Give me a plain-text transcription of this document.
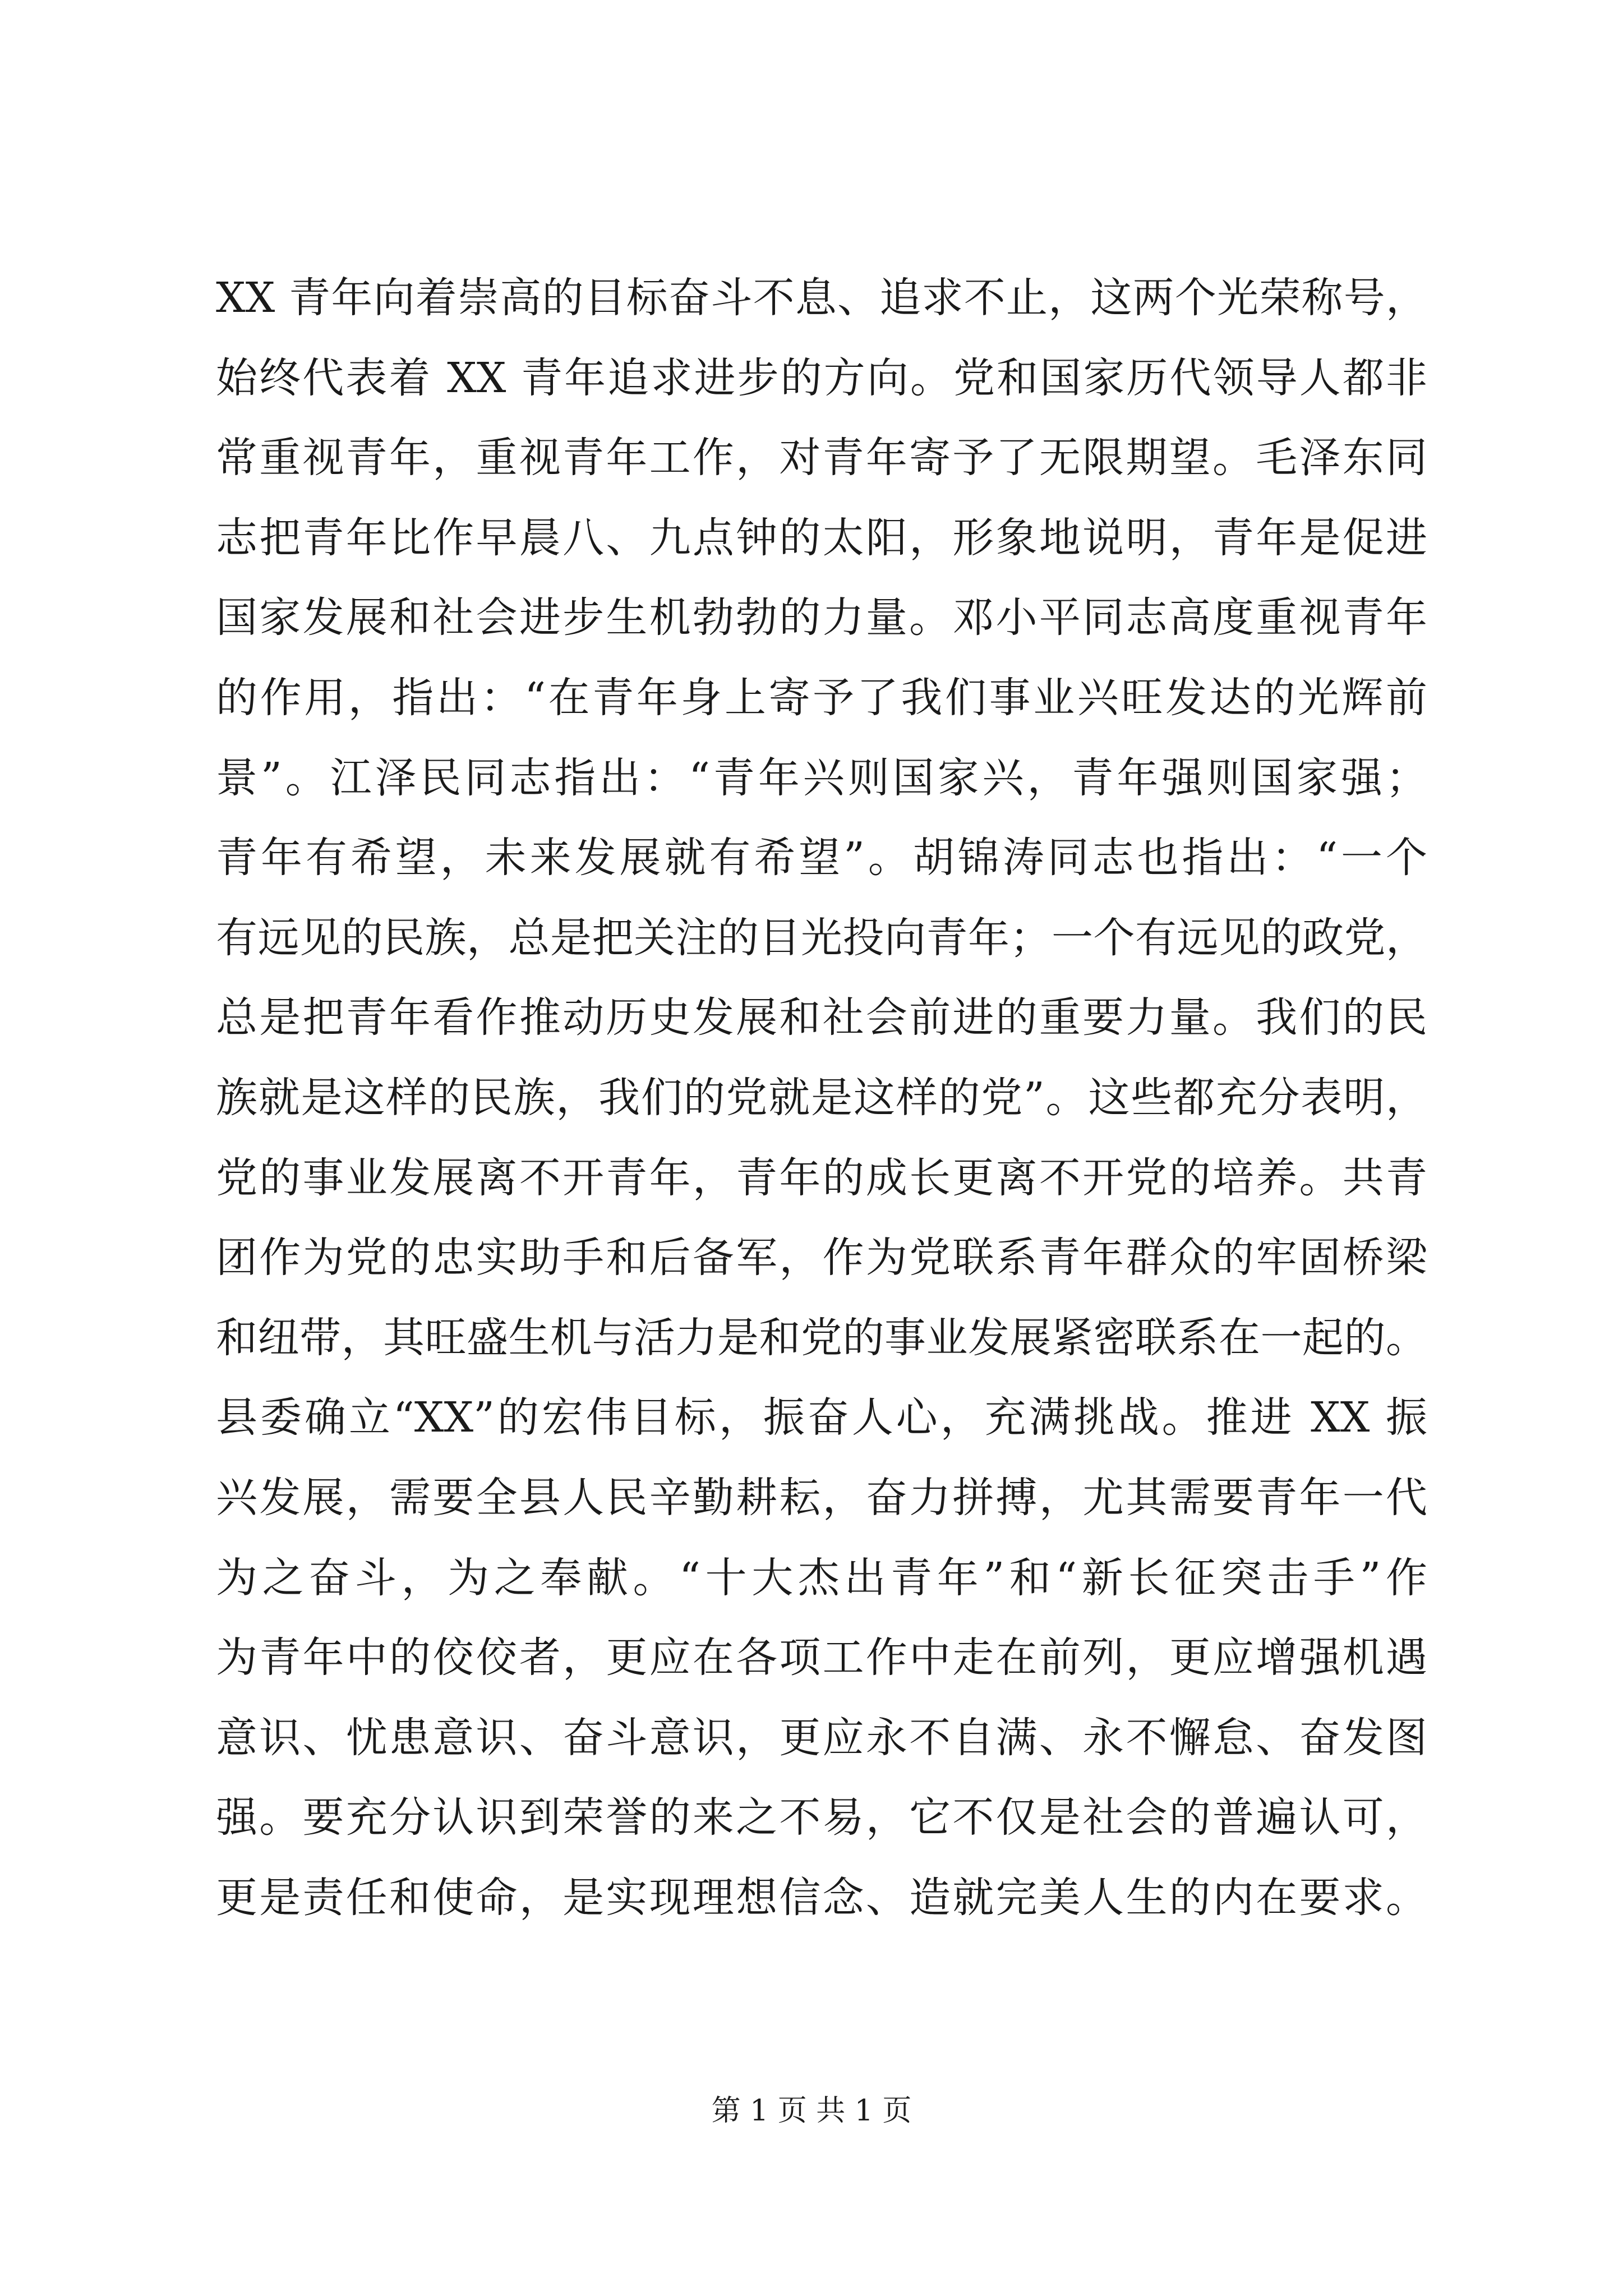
XX 青年向着崇高的目标奋斗不息、追求不止，这两个光荣称号，
始终代表着 XX 青年追求进步的方向。党和国家历代领导人都非
常重视青年，重视青年工作，对青年寄予了无限期望。毛泽东同
志把青年比作早晨八、九点钟的太阳，形象地说明，青年是促进
国家发展和社会进步生机勃勃的力量。邓小平同志高度重视青年
的作用，指出：“在青年身上寄予了我们事业兴旺发达的光辉前
景”。江泽民同志指出：“青年兴则国家兴，青年强则国家强；
青年有希望，未来发展就有希望”。胡锦涛同志也指出：“一个
有远见的民族，总是把关注的目光投向青年；一个有远见的政党，
总是把青年看作推动历史发展和社会前进的重要力量。我们的民
族就是这样的民族，我们的党就是这样的党”。这些都充分表明，
党的事业发展离不开青年，青年的成长更离不开党的培养。共青
团作为党的忠实助手和后备军，作为党联系青年群众的牢固桥梁
和纽带，其旺盛生机与活力是和党的事业发展紧密联系在一起的。
县委确立“XX”的宏伟目标，振奋人心，充满挑战。推进 XX 振
兴发展，需要全县人民辛勤耕耘，奋力拼搏，尤其需要青年一代
为之奋斗，为之奉献。“十大杰出青年”和“新长征突击手”作
为青年中的佼佼者，更应在各项工作中走在前列，更应增强机遇
意识、忧患意识、奋斗意识，更应永不自满、永不懈怠、奋发图
强。要充分认识到荣誉的来之不易，它不仅是社会的普遍认可，
更是责任和使命，是实现理想信念、造就完美人生的内在要求。
第 1 页 共 1 页
